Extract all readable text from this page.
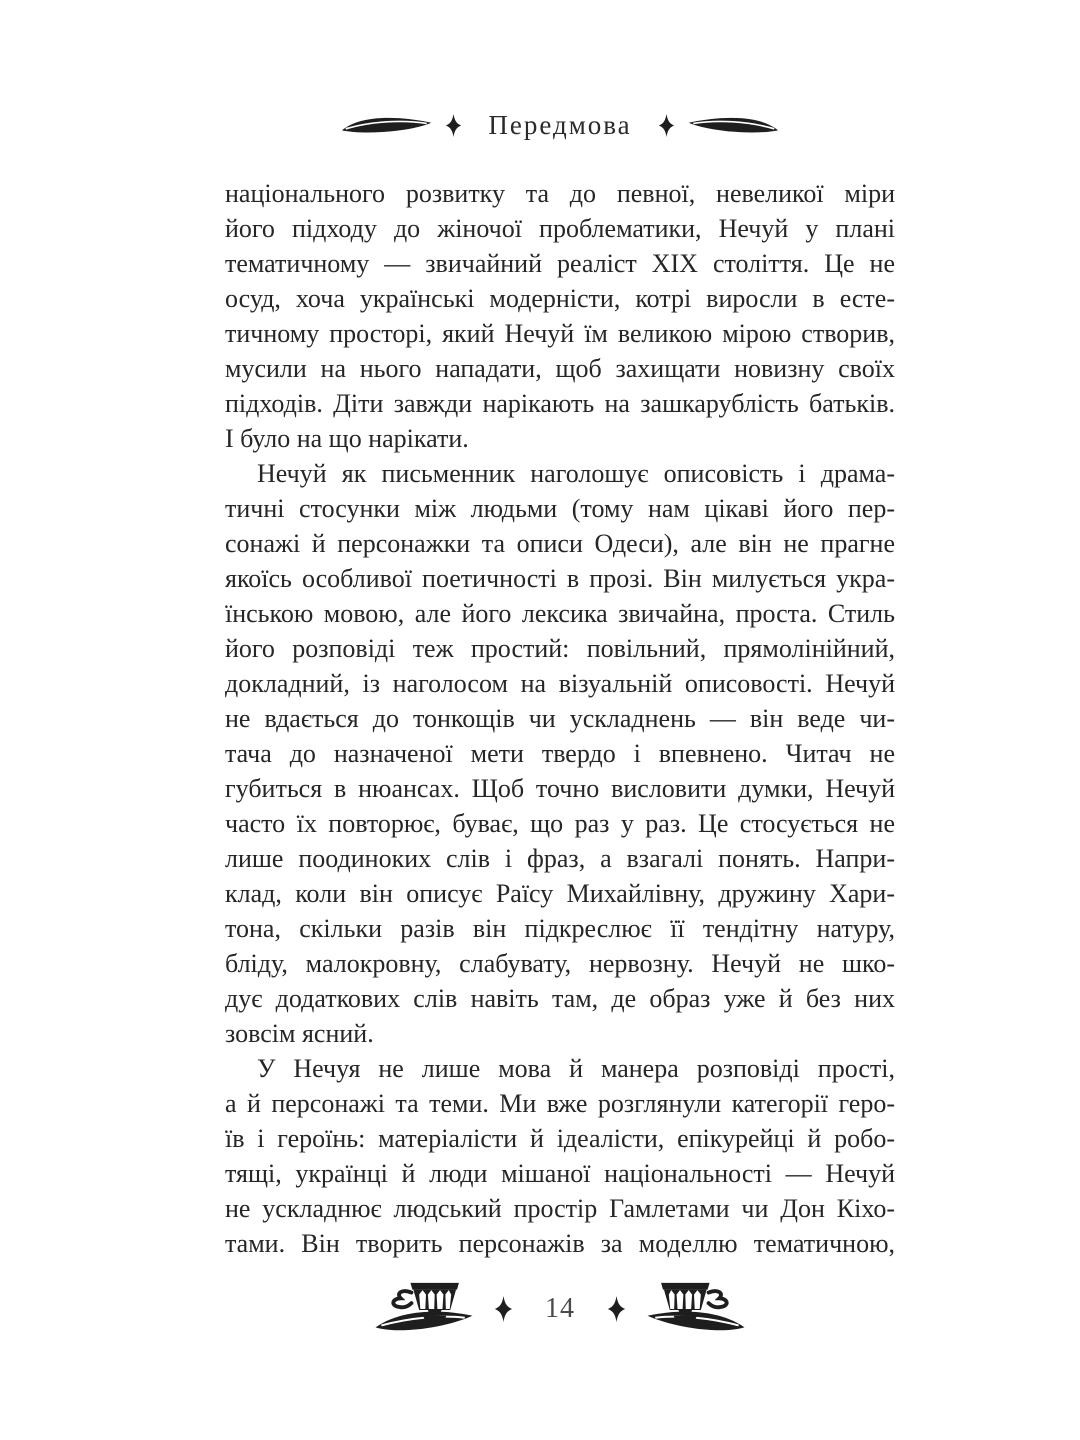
Передмова
національного розвитку та до певної, невеликої міри
його підходу до жіночої проблематики, Нечуй у плані
тематичному — звичайний реаліст XIX століття. Це не
осуд, хоча українські модерністи, котрі виросли в есте-
тичному просторі, який Нечуй їм великою мірою створив,
мусили на нього нападати, щоб захищати новизну своїх
підходів. Діти завжди нарікають на зашкарублість батьків.
І було на що нарікати.
Нечуй як письменник наголошує описовість і драма-
тичні стосунки між людьми (тому нам цікаві його пер-
сонажі й персонажки та описи Одеси), але він не прагне
якоїсь особливої поетичності в прозі. Він милується укра-
їнською мовою, але його лексика звичайна, проста. Стиль
його розповіді теж простий: повільний, прямолінійний,
докладний, із наголосом на візуальній описовості. Нечуй
не вдається до тонкощів чи ускладнень — він веде чи-
тача до назначеної мети твердо і впевнено. Читач не
губиться в нюансах. Щоб точно висловити думки, Нечуй
часто їх повторює, буває, що раз у раз. Це стосується не
лише поодиноких слів і фраз, а взагалі понять. Напри-
клад, коли він описує Раїсу Михайлівну, дружину Хари-
тона, скільки разів він підкреслює її тендітну натуру,
бліду, малокровну, слабувату, нервозну. Нечуй не шко-
дує додаткових слів навіть там, де образ уже й без них
зовсім ясний.
У Нечуя не лише мова й манера розповіді прості,
а й персонажі та теми. Ми вже розглянули категорії геро-
їв і героїнь: матеріалісти й ідеалісти, епікурейці й робо-
тящі, українці й люди мішаної національності — Нечуй
не ускладнює людський простір Гамлетами чи Дон Кіхо-
тами. Він творить персонажів за моделлю тематичною,
14
